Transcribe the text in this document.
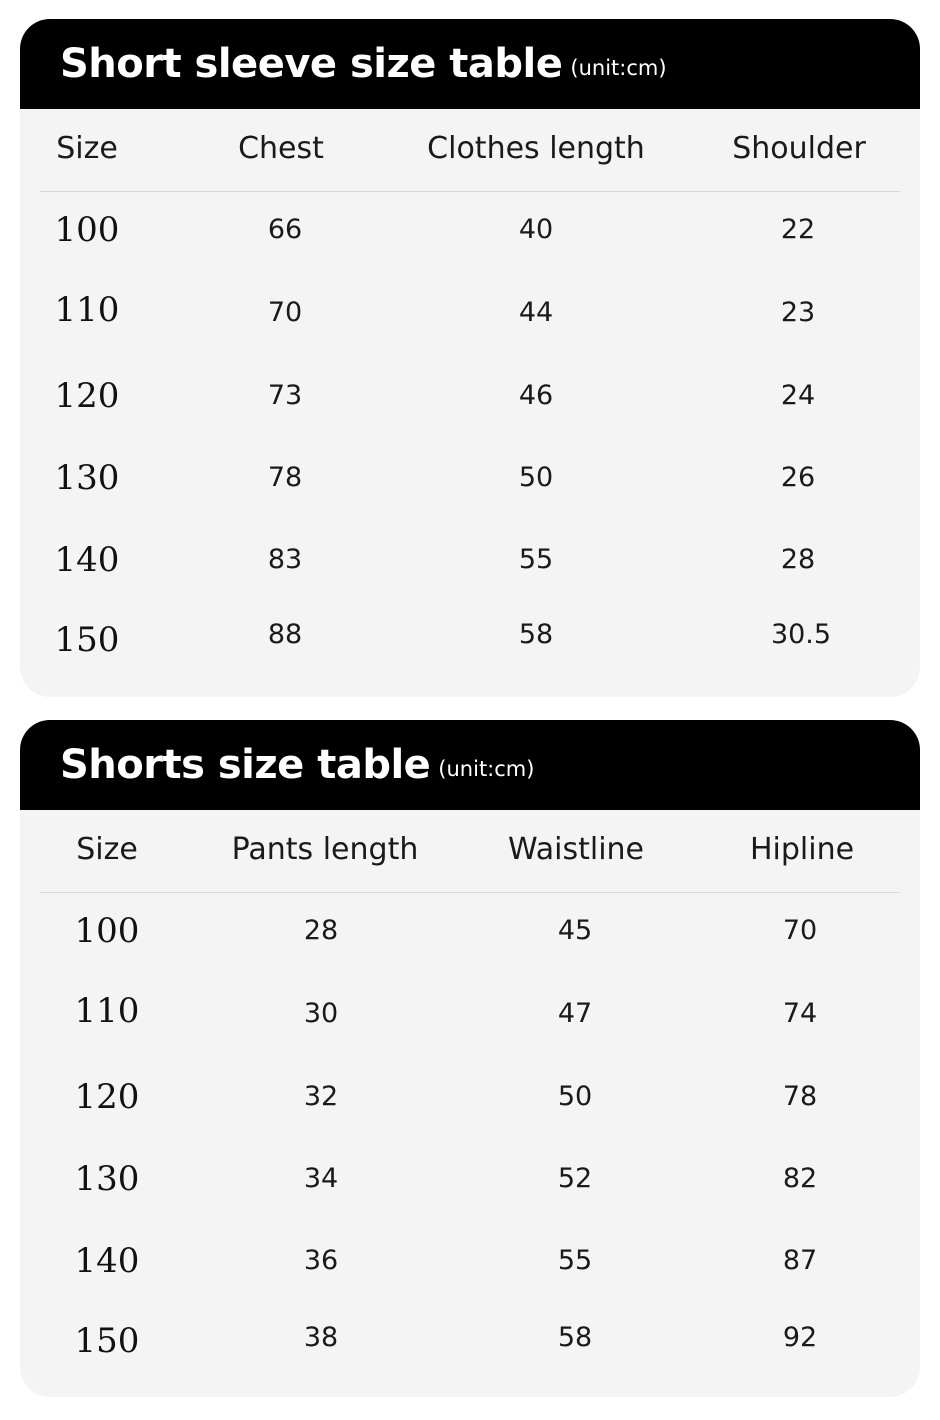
Short sleeve size table (unit:cm)
Size	Chest	Clothes length	Shoulder
100	66	40	22
110	70	44	23
120	73	46	24
130	78	50	26
140	83	55	28
150	88	58	30.5
Shorts size table (unit:cm)
Size	Pants length	Waistline	Hipline
100	28	45	70
110	30	47	74
120	32	50	78
130	34	52	82
140	36	55	87
150	38	58	92
